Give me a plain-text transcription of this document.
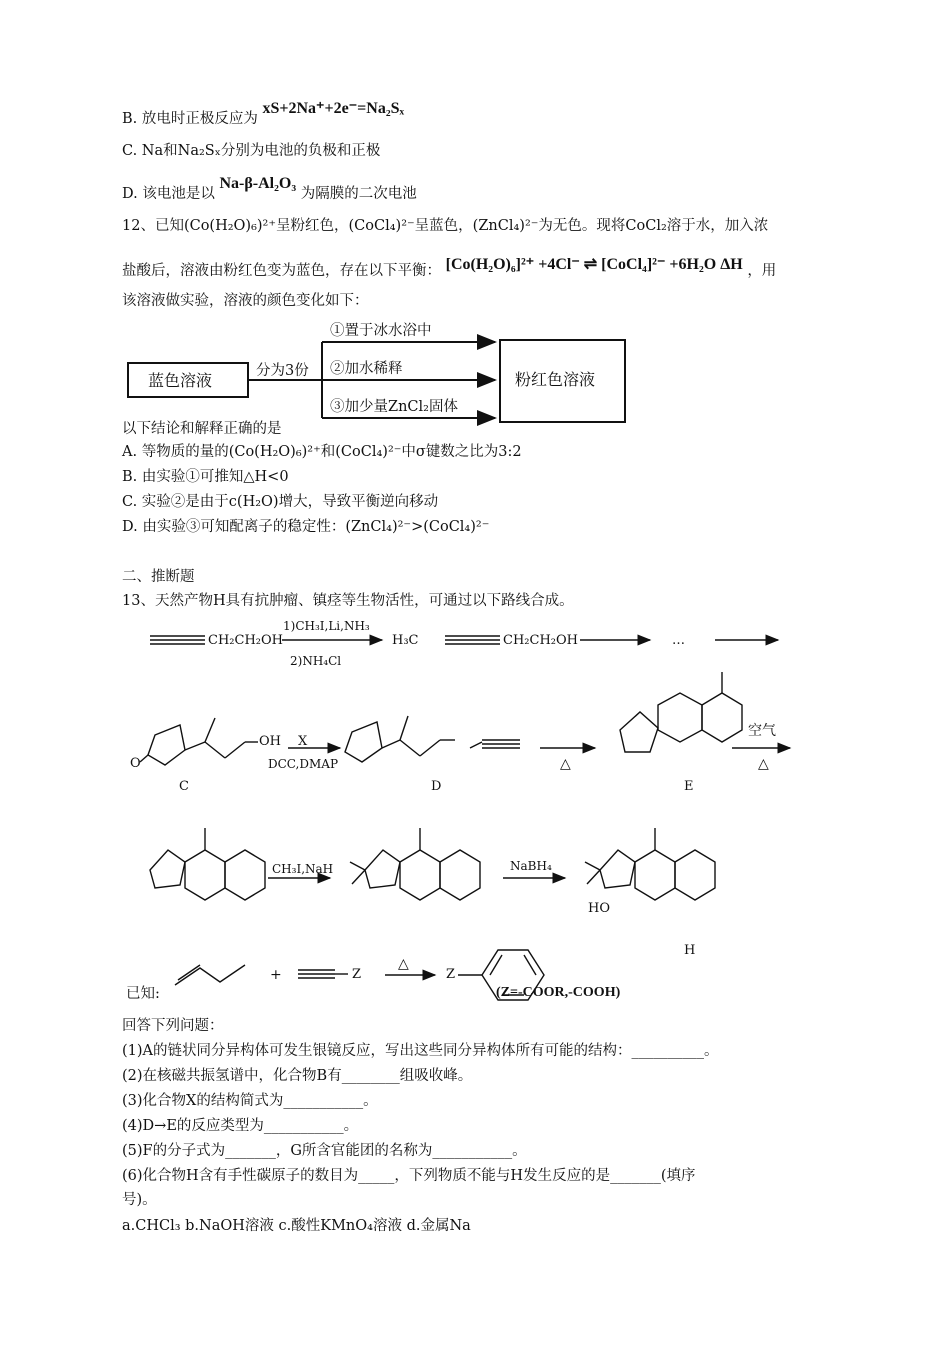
B. 放电时正极反应为 xS+2Na⁺+2e⁻=Na₂Sₓ
C. Na和Na₂Sₓ分别为电池的负极和正极
D. 该电池是以 Na-β-Al₂O₃ 为隔膜的二次电池
12、已知(Co(H₂O)₆)²⁺呈粉红色，(CoCl₄)²⁻呈蓝色，(ZnCl₄)²⁻为无色。现将CoCl₂溶于水，加入浓
盐酸后，溶液由粉红色变为蓝色，存在以下平衡： [Co(H₂O)₆]²⁺ +4Cl⁻ ⇌ [CoCl₄]²⁻ +6H₂O ΔH ，用
该溶液做实验，溶液的颜色变化如下：
蓝色溶液	分为3份
①置于冰水浴中
②加水稀释
③加少量ZnCl₂固体
粉红色溶液
以下结论和解释正确的是
A. 等物质的量的(Co(H₂O)₆)²⁺和(CoCl₄)²⁻中σ键数之比为3:2
B. 由实验①可推知△H<0
C. 实验②是由于c(H₂O)增大，导致平衡逆向移动
D. 由实验③可知配离子的稳定性：(ZnCl₄)²⁻>(CoCl₄)²⁻
二、推断题
13、天然产物H具有抗肿瘤、镇痉等生物活性，可通过以下路线合成。
CH₂CH₂OH
1)CH₃I,Li,NH₃
2)NH₄Cl
H₃C	CH₂CH₂OH	…
OH
O
C
X
DCC,DMAP
D
△
E
空气
△
CH₃I,NaH	NaBH₄
HO
H
已知:
+	Z
△
Z
(Z=-COOR,-COOH)
回答下列问题：
(1)A的链状同分异构体可发生银镜反应，写出这些同分异构体所有可能的结构：__________。
(2)在核磁共振氢谱中，化合物B有________组吸收峰。
(3)化合物X的结构简式为___________。
(4)D→E的反应类型为___________。
(5)F的分子式为_______，G所含官能团的名称为___________。
(6)化合物H含有手性碳原子的数目为_____，下列物质不能与H发生反应的是_______(填序
号)。
a.CHCl₃ b.NaOH溶液 c.酸性KMnO₄溶液 d.金属Na
